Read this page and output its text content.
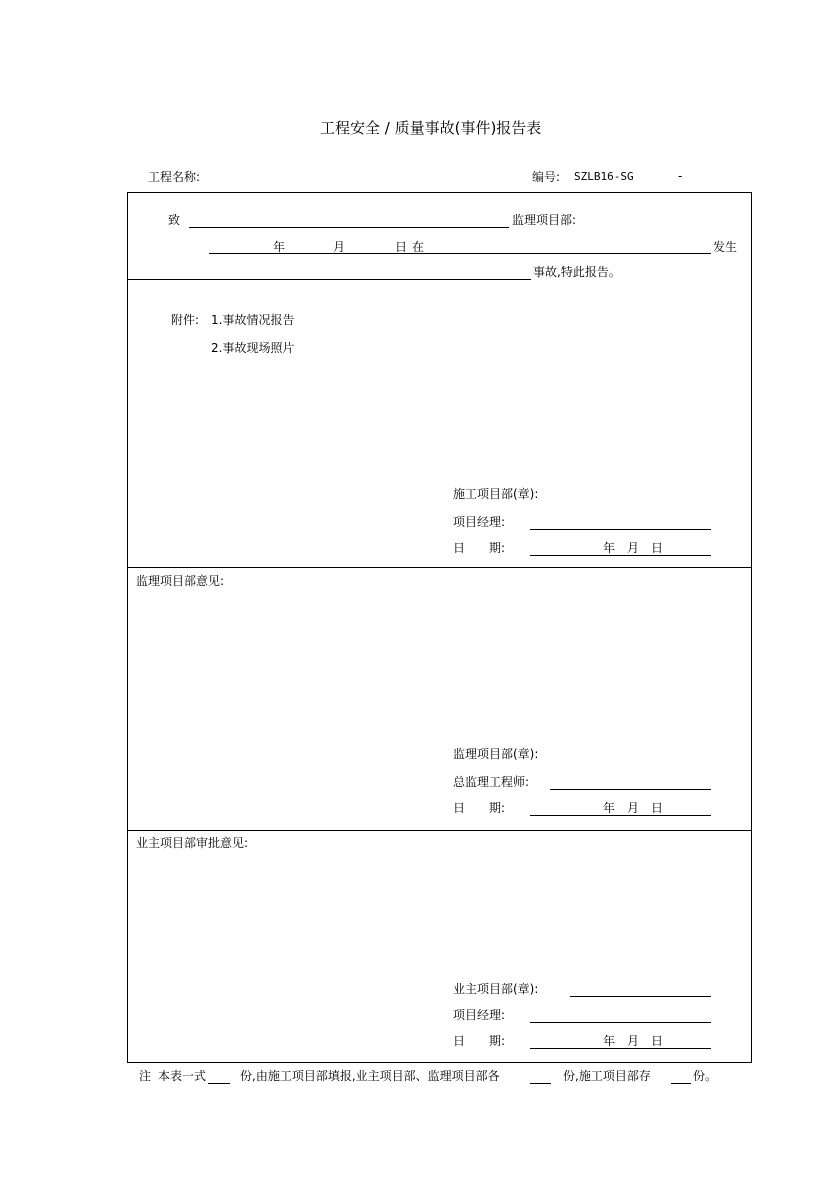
工程安全 / 质量事故(事件)报告表
工程名称:	编号: SZLB16-SG	-
致	监理项目部:
年	月	日 在	发生
事故,特此报告。
附件: 1.事故情况报告
2.事故现场照片
施工项目部(章):
项目经理:
日 期:	年 月 日
监理项目部意见:
监理项目部(章):
总监理工程师:
日 期:	年 月 日
业主项目部审批意见:
业主项目部(章):
项目经理:
日 期:	年 月 日
注 本表一式	份,由施工项目部填报,业主项目部、监理项目部各	份,施工项目部存	份。
